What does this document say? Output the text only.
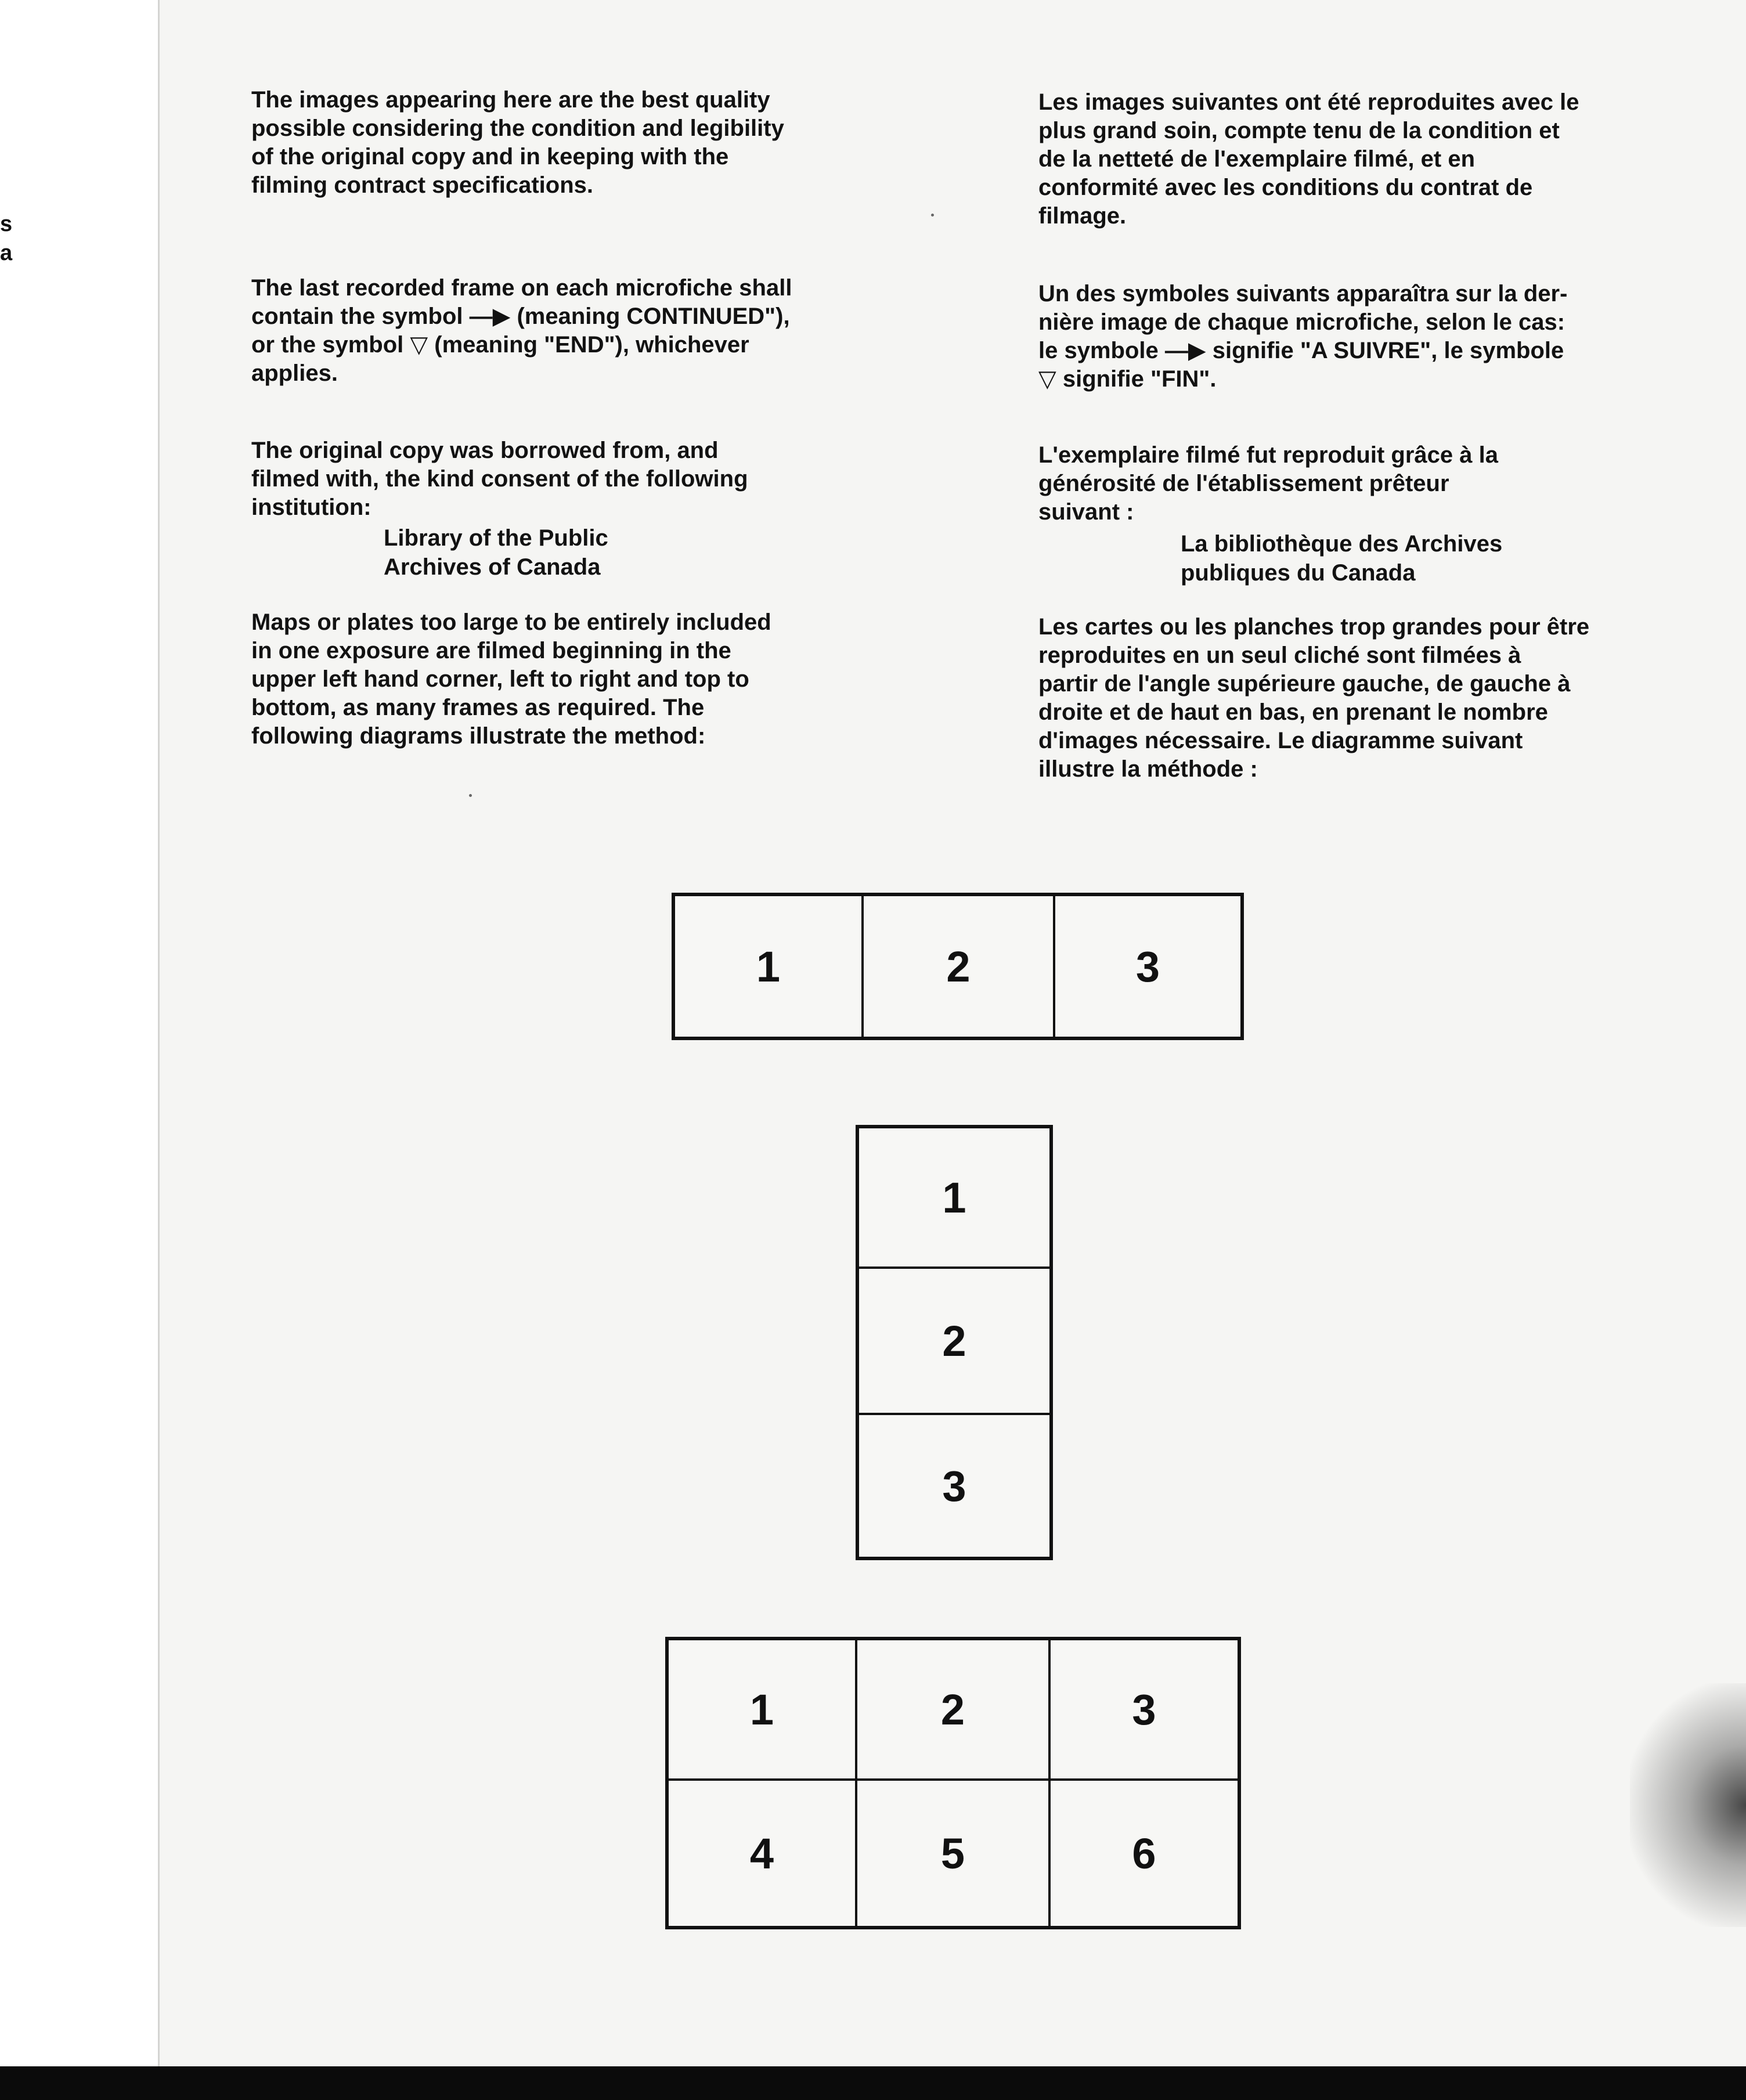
s
a
The images appearing here are the best quality
possible considering the condition and legibility
of the original copy and in keeping with the
filming contract specifications.
The last recorded frame on each microfiche shall
contain the symbol —▶ (meaning CONTINUED"),
or the symbol ▽ (meaning "END"), whichever
applies.
The original copy was borrowed from, and
filmed with, the kind consent of the following
institution:
Library of the Public
Archives of Canada
Maps or plates too large to be entirely included
in one exposure are filmed beginning in the
upper left hand corner, left to right and top to
bottom, as many frames as required. The
following diagrams illustrate the method:
Les images suivantes ont été reproduites avec le
plus grand soin, compte tenu de la condition et
de la netteté de l'exemplaire filmé, et en
conformité avec les conditions du contrat de
filmage.
Un des symboles suivants apparaîtra sur la der-
nière image de chaque microfiche, selon le cas:
le symbole —▶ signifie "A SUIVRE", le symbole
▽ signifie "FIN".
L'exemplaire filmé fut reproduit grâce à la
générosité de l'établissement prêteur
suivant :
La bibliothèque des Archives
publiques du Canada
Les cartes ou les planches trop grandes pour être
reproduites en un seul cliché sont filmées à
partir de l'angle supérieure gauche, de gauche à
droite et de haut en bas, en prenant le nombre
d'images nécessaire. Le diagramme suivant
illustre la méthode :
1	2	3
1
2
3
1	2	3
4	5	6
